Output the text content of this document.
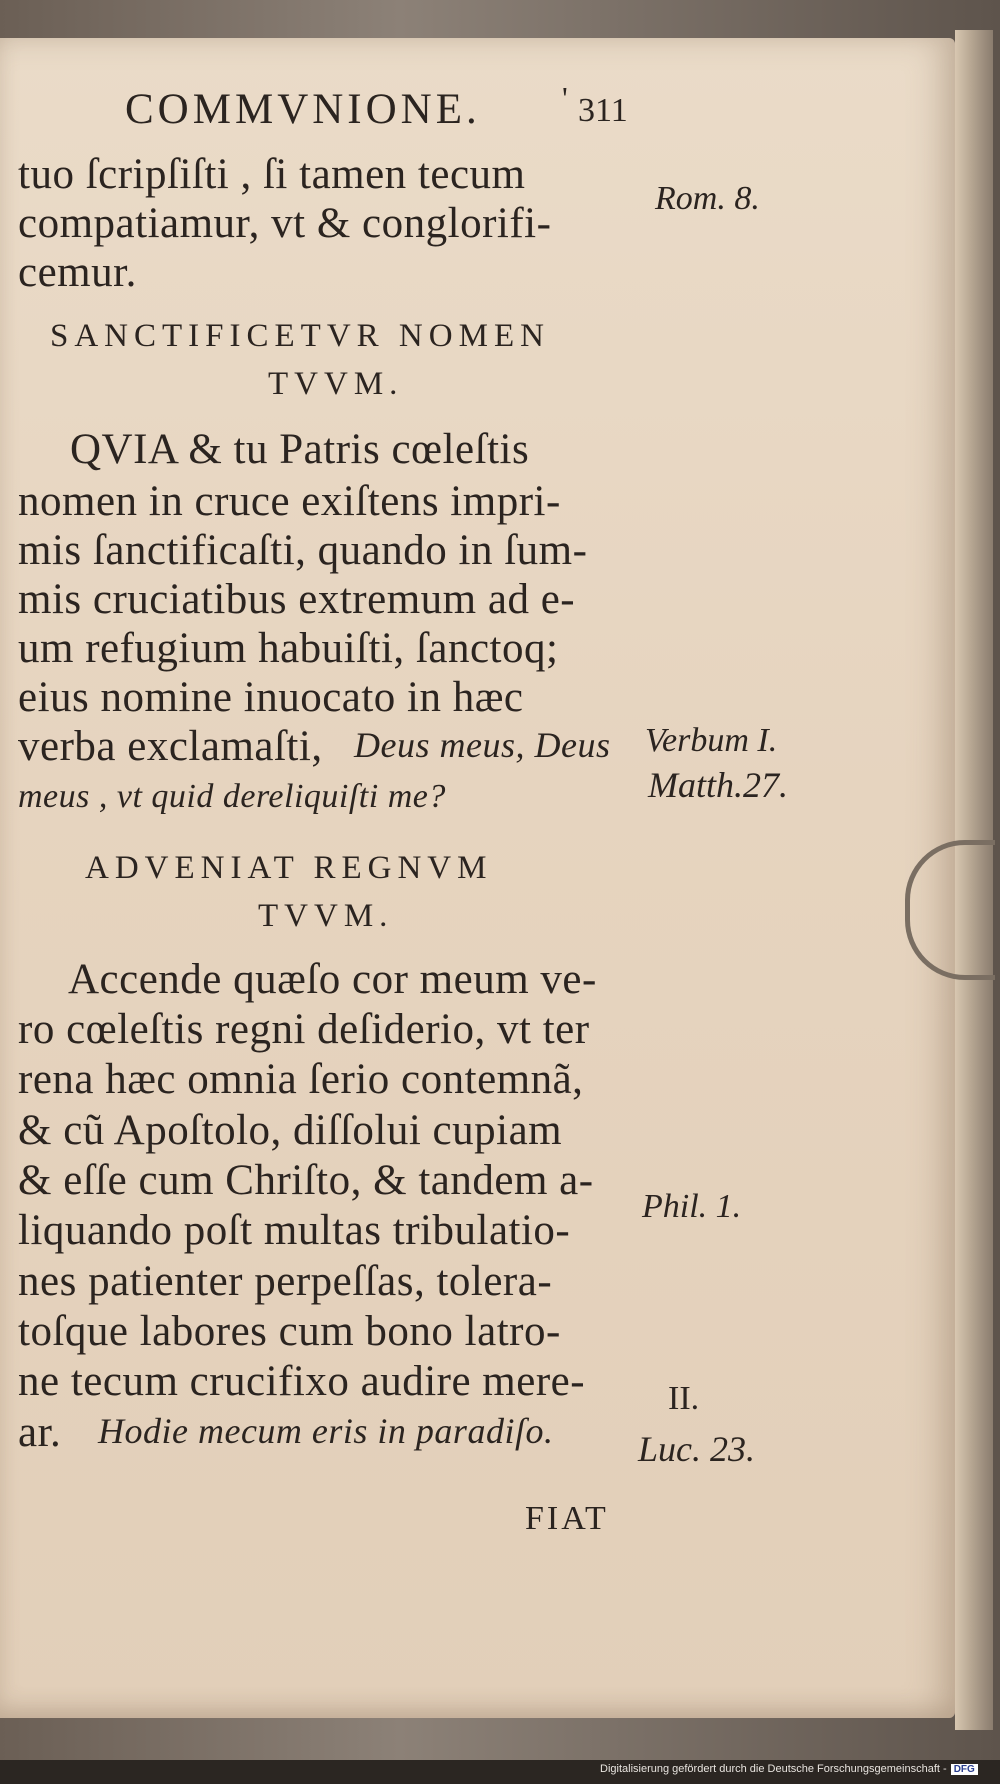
COMMVNIONE.	' 311
tuo ſcripſiſti , ſi tamen tecum
compatiamur, vt & conglorifi-
cemur.
SANCTIFICETVR NOMEN
TVVM.
QVIA & tu Patris cœleſtis
nomen in cruce exiſtens impri-
mis ſanctificaſti, quando in ſum-
mis cruciatibus extremum ad e-
um refugium habuiſti, ſanctoq;
eius nomine inuocato in hæc
verba exclamaſti, Deus meus, Deus
meus , vt quid dereliquiſti me?
ADVENIAT REGNVM
TVVM.
Accende quæſo cor meum ve-
ro cœleſtis regni deſiderio, vt ter
rena hæc omnia ſerio contemnã,
& cũ Apoſtolo, diſſolui cupiam
& eſſe cum Chriſto, & tandem a-
liquando poſt multas tribulatio-
nes patienter perpeſſas, tolera-
toſque labores cum bono latro-
ne tecum crucifixo audire mere-
ar. Hodie mecum eris in paradiſo.
FIAT
Rom. 8.
Verbum I.
Matth.27.
Phil. 1.
II.
Luc. 23.
Digitalisierung gefördert durch die Deutsche Forschungsgemeinschaft - DFG
